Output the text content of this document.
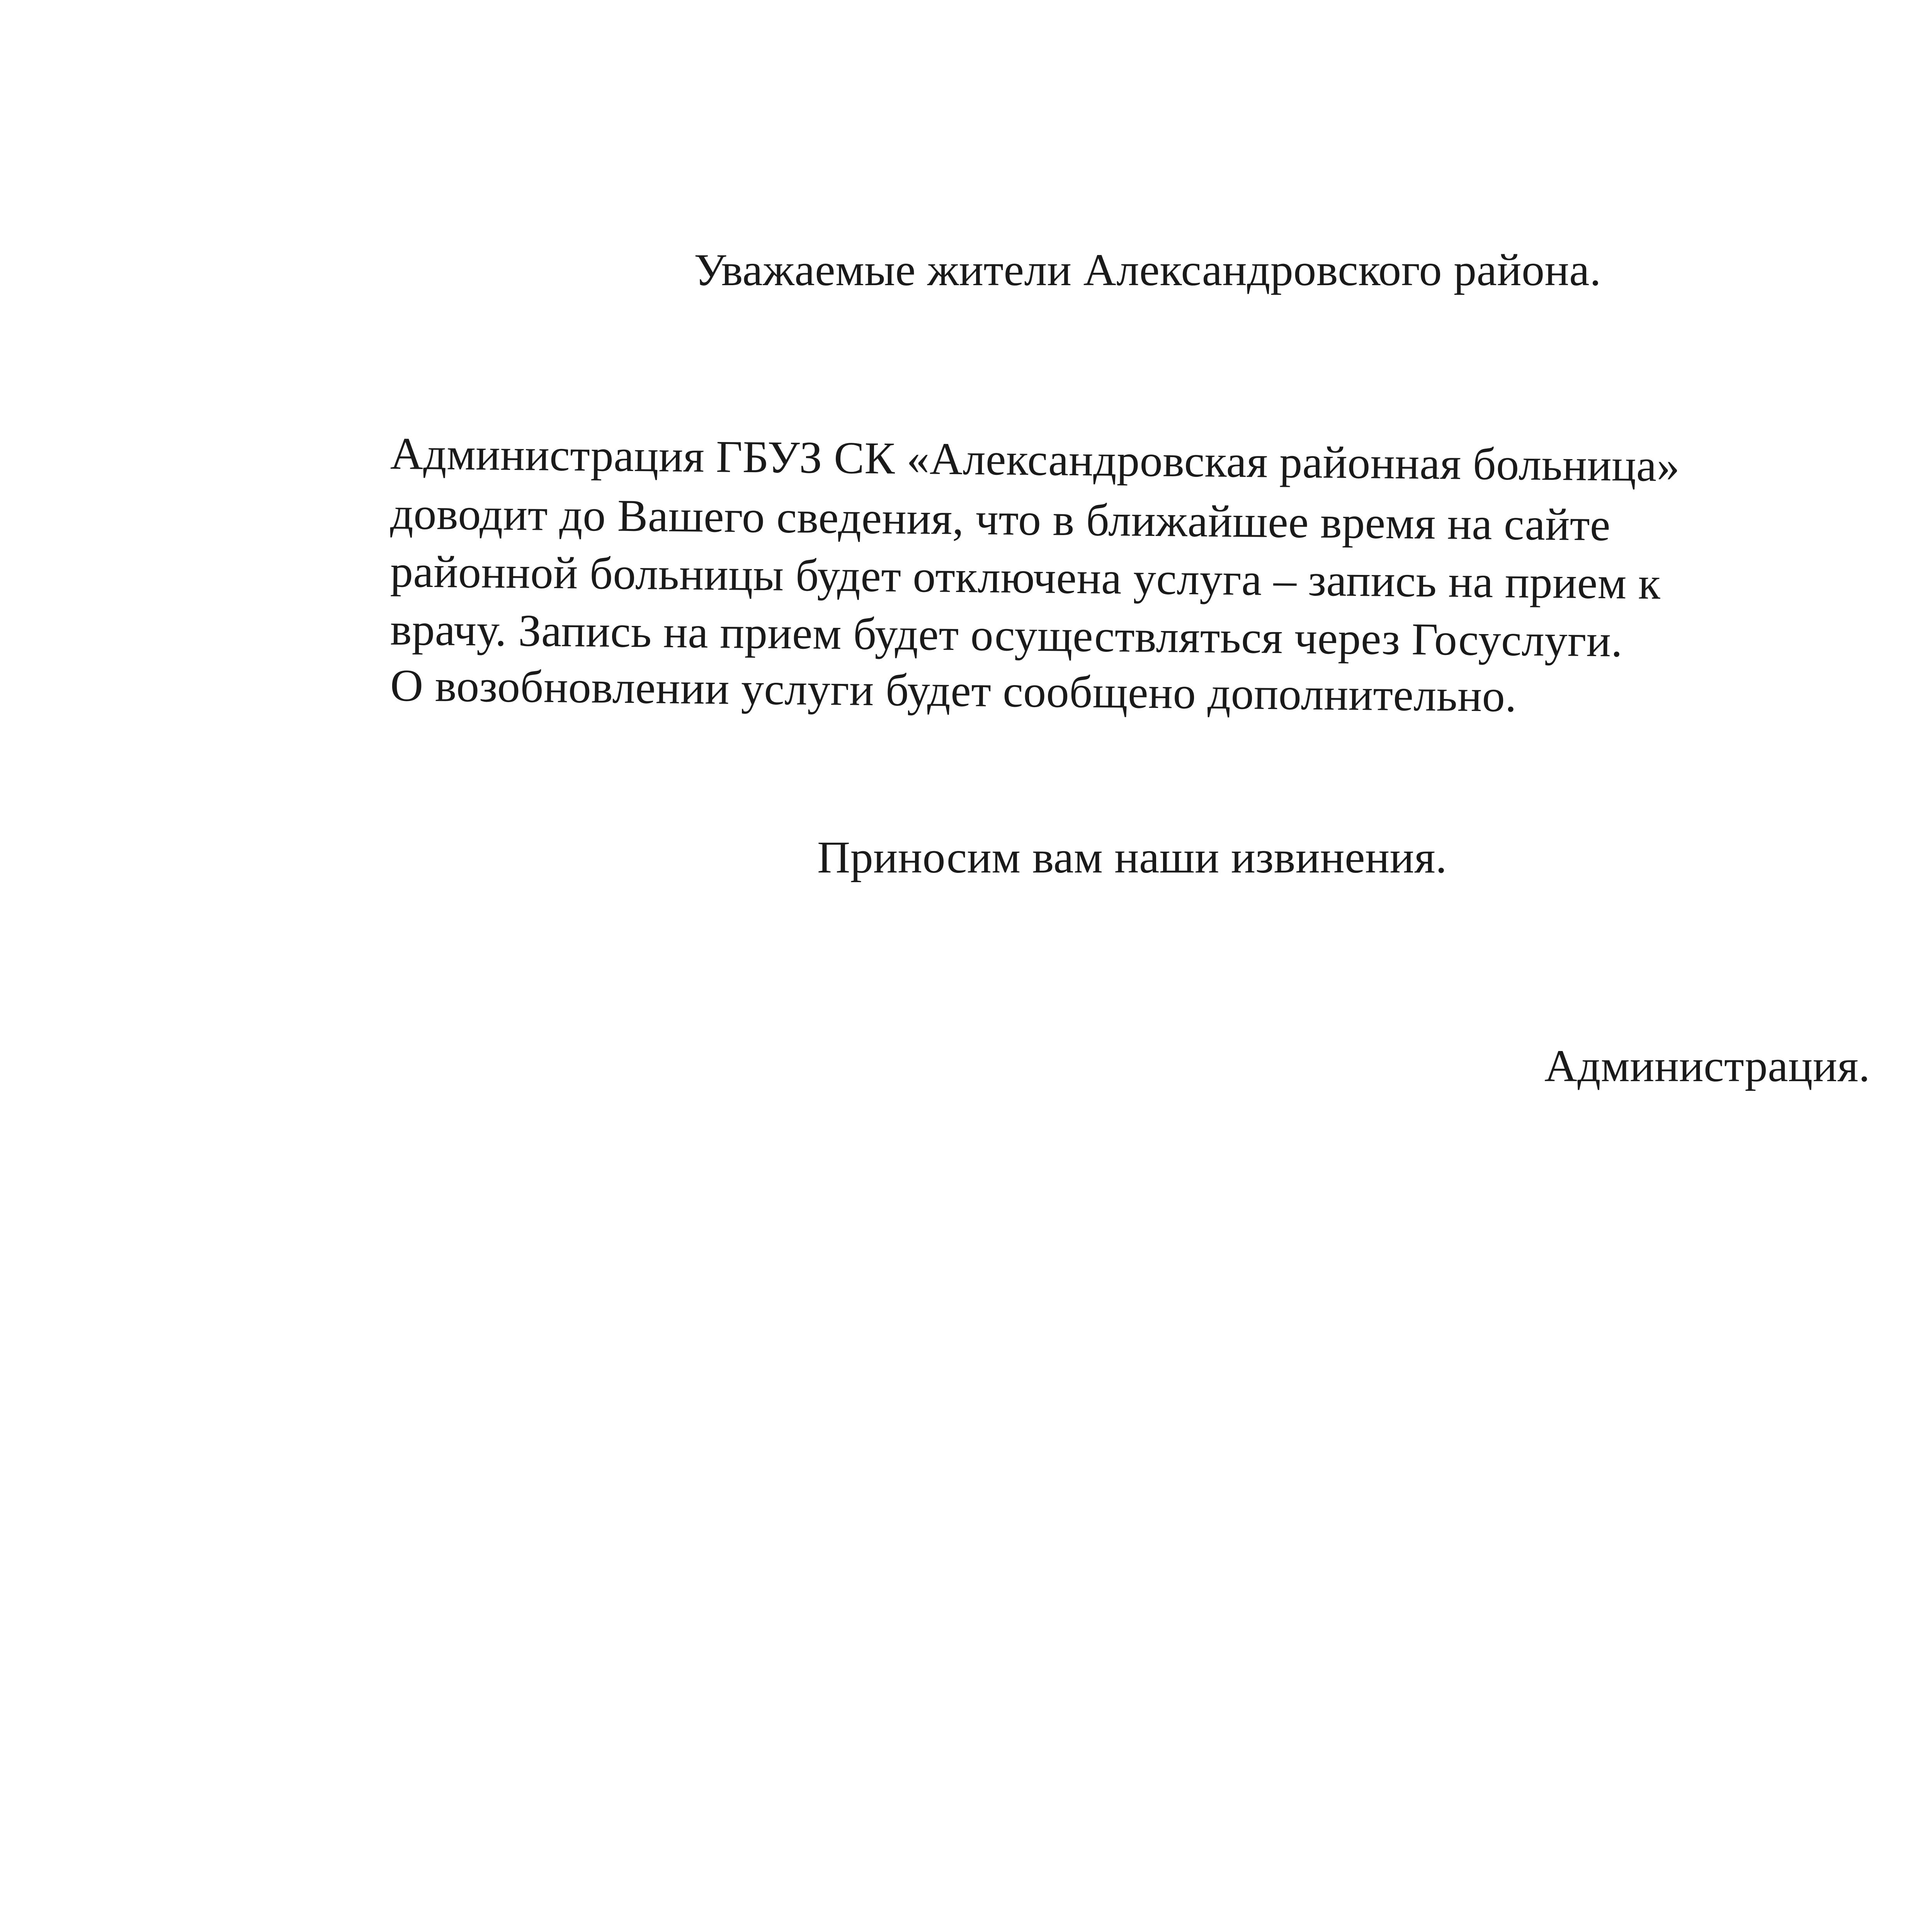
Уважаемые жители Александровского района.
Администрация ГБУЗ СК «Александровская районная больница»
доводит до Вашего сведения, что в ближайшее время на сайте
районной больницы будет отключена услуга – запись на прием к
врачу. Запись на прием будет осуществляться через Госуслуги.
О возобновлении услуги будет сообщено дополнительно.
Приносим вам наши извинения.
Администрация.
